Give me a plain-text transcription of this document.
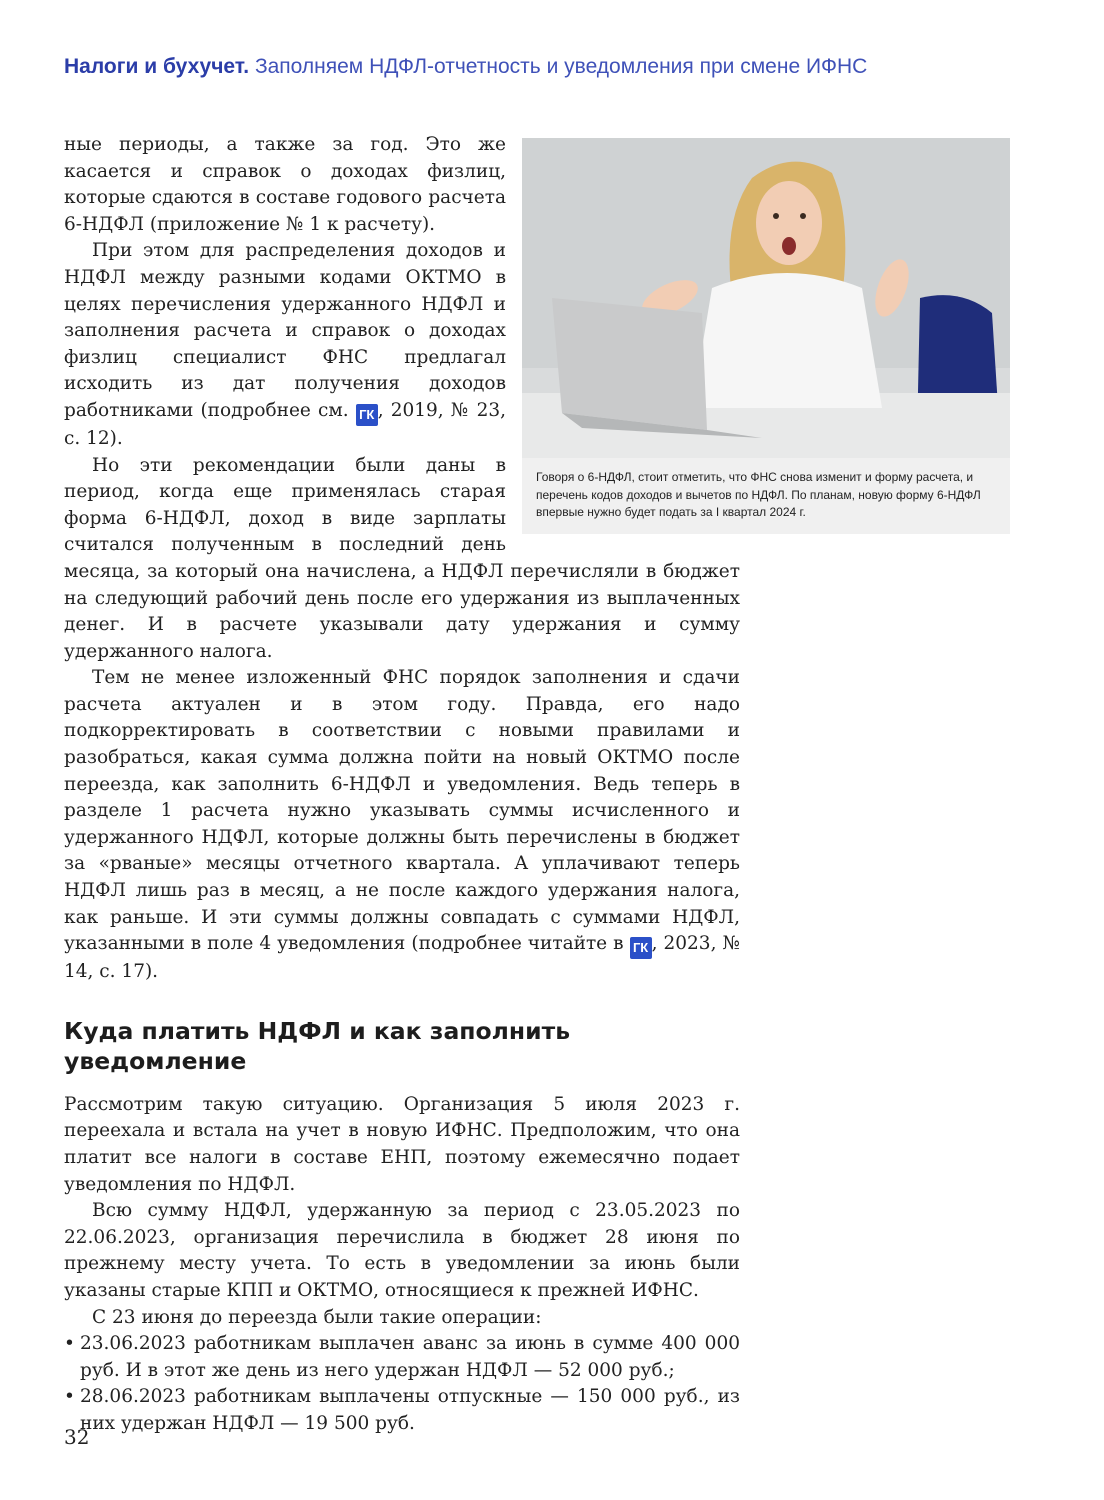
Налоги и бухучет. Заполняем НДФЛ-отчетность и уведомления при смене ИФНС
Говоря о 6-НДФЛ, стоит отметить, что ФНС снова изменит и форму расчета, и перечень кодов доходов и вычетов по НДФЛ. По планам, новую форму 6-НДФЛ впервые нужно будет подать за I квартал 2024 г.

ные периоды, а также за год. Это же касается и справок о доходах физлиц, которые сдаются в составе годового расчета 6-НДФЛ (приложение № 1 к расчету).

При этом для распределения доходов и НДФЛ между разными кодами ОКТМО в целях перечисления удержанного НДФЛ и заполнения расчета и справок о доходах физлиц специалист ФНС предлагал исходить из дат получения доходов работниками (подробнее см. ГК , 2019, № 23, с. 12).

Но эти рекомендации были даны в период, когда еще применялась старая форма 6-НДФЛ, доход в виде зарплаты считался полученным в последний день месяца, за который она начислена, а НДФЛ перечисляли в бюджет на следующий рабочий день после его удержания из выплаченных денег. И в расчете указывали дату удержания и сумму удержанного налога.

Тем не менее изложенный ФНС порядок заполнения и сдачи расчета актуален и в этом году. Правда, его надо подкорректировать в соответствии с новыми правилами и разобраться, какая сумма должна пойти на новый ОКТМО после переезда, как заполнить 6-НДФЛ и уведомления. Ведь теперь в разделе 1 расчета нужно указывать суммы исчисленного и удержанного НДФЛ, которые должны быть перечислены в бюджет за «рваные» месяцы отчетного квартала. А уплачивают теперь НДФЛ лишь раз в месяц, а не после каждого удержания налога, как раньше. И эти суммы должны совпадать с суммами НДФЛ, указанными в поле 4 уведомления (подробнее читайте в ГК , 2023, № 14, с. 17).

Куда платить НДФЛ и как заполнить уведомление

Рассмотрим такую ситуацию. Организация 5 июля 2023 г. переехала и встала на учет в новую ИФНС. Предположим, что она платит все налоги в составе ЕНП, поэтому ежемесячно подает уведомления по НДФЛ.

Всю сумму НДФЛ, удержанную за период с 23.05.2023 по 22.06.2023, организация перечислила в бюджет 28 июня по прежнему месту учета. То есть в уведомлении за июнь были указаны старые КПП и ОКТМО, относящиеся к прежней ИФНС.

С 23 июня до переезда были такие операции:

• 23.06.2023 работникам выплачен аванс за июнь в сумме 400 000 руб. И в этот же день из него удержан НДФЛ — 52 000 руб.;
• 28.06.2023 работникам выплачены отпускные — 150 000 руб., из них удержан НДФЛ — 19 500 руб.
32
